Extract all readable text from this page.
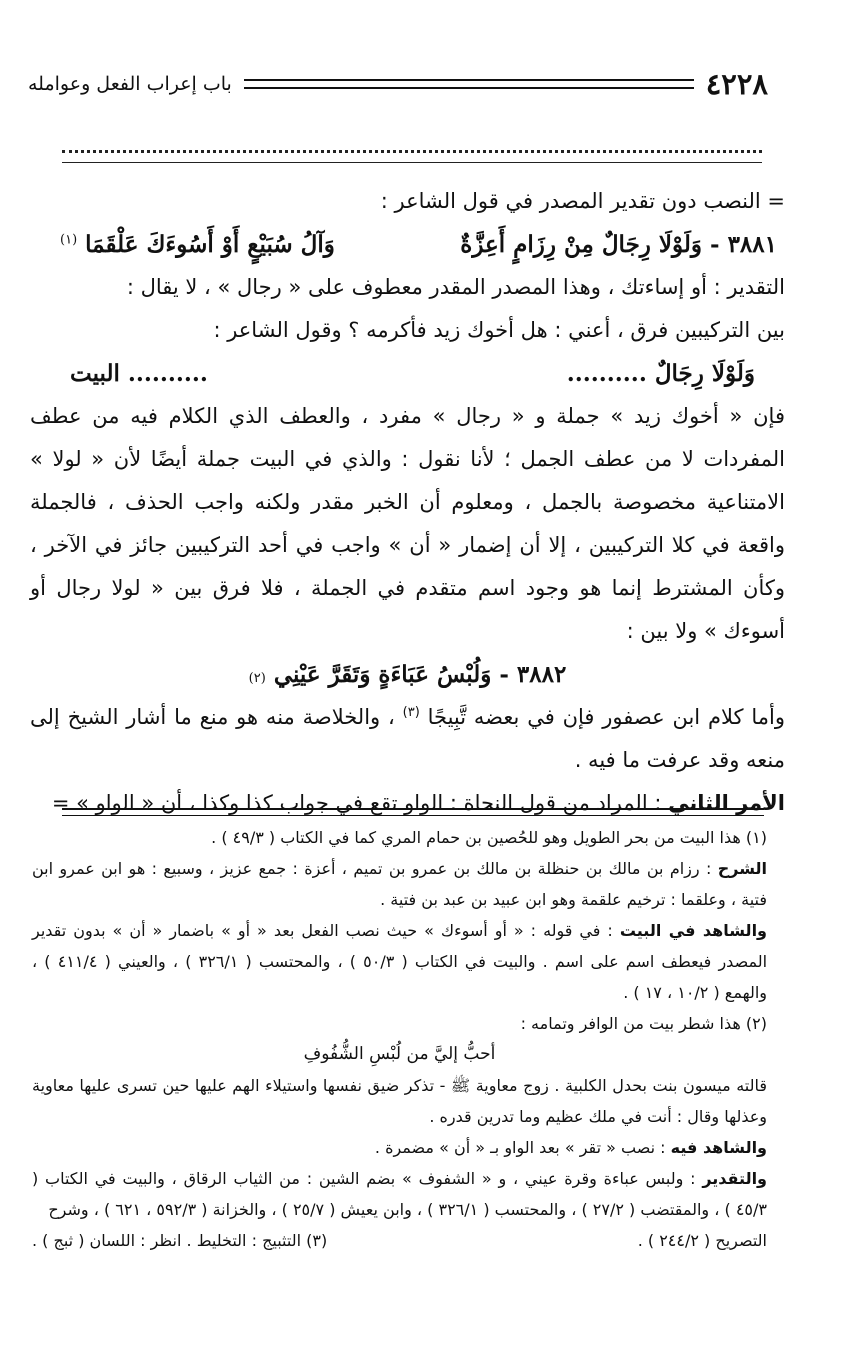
٤٢٢٨
باب إعراب الفعل وعوامله

= النصب دون تقدير المصدر في قول الشاعر :

٣٨٨١ - وَلَوْلَا رِجَالٌ مِنْ رِزَامٍ أَعِزَّةٌ
وَآلُ سُبَيْعٍ أَوْ أَسُوءَكَ عَلْقَمَا $^{(١)}$

التقدير : أو إساءتك ، وهذا المصدر المقدر معطوف على « رجال » ، لا يقال :

بين التركيبين فرق ، أعني : هل أخوك زيد فأكرمه ؟ وقول الشاعر :

وَلَوْلَا رِجَالٌ ..........
.......... البيت

فإن « أخوك زيد » جملة و « رجال » مفرد ، والعطف الذي الكلام فيه من عطف المفردات لا من عطف الجمل ؛ لأنا نقول : والذي في البيت جملة أيضًا لأن « لولا » الامتناعية مخصوصة بالجمل ، ومعلوم أن الخبر مقدر ولكنه واجب الحذف ، فالجملة واقعة في كلا التركيبين ، إلا أن إضمار « أن » واجب في أحد التركيبين جائز في الآخر ، وكأن المشترط إنما هو وجود اسم متقدم في الجملة ، فلا فرق بين « لولا رجال أو أسوءك » ولا بين :

٣٨٨٢ - وَلُبْسُ عَبَاءَةٍ وَتَقَرَّ عَيْنِي

(٢)

وأما كلام ابن عصفور فإن في بعضه تَّبِيجًا $^{(٣)}$ ، والخلاصة منه هو منع ما أشار الشيخ إلى منعه وقد عرفت ما فيه .

الأمر الثاني : المراد من قول النحاة : الواو تقع في جواب كذا وكذا ، أن « الواو » =

(١) هذا البيت من بحر الطويل وهو للحُصين بن حمام المري كما في الكتاب ( ٤٩/٣ ) .

الشرح : رزام بن مالك بن حنظلة بن مالك بن عمرو بن تميم ، أعزة : جمع عزيز ، وسبيع : هو ابن عمرو ابن فتية ، وعلقما : ترخيم علقمة وهو ابن عبيد بن عبد بن فتية .

والشاهد في البيت : في قوله : « أو أسوءك » حيث نصب الفعل بعد « أو » باضمار « أن » بدون تقدير المصدر فيعطف اسم على اسم . والبيت في الكتاب ( ٥٠/٣ ) ، والمحتسب ( ٣٢٦/١ ) ، والعيني ( ٤١١/٤ ) ، والهمع ( ١٠/٢ ، ١٧ ) .

(٢) هذا شطر بيت من الوافر وتمامه :

أحبُّ إليَّ من لُبْسِ الشُّفُوفِ

قالته ميسون بنت بحدل الكلبية . زوج معاوية ﷺ - تذكر ضيق نفسها واستيلاء الهم عليها حين تسرى عليها معاوية وعذلها وقال : أنت في ملك عظيم وما تدرين قدره .

والشاهد فيه : نصب « تقر » بعد الواو بـ « أن » مضمرة .

والتقدير : ولبس عباءة وقرة عيني ، و « الشفوف » بضم الشين : من الثياب الرقاق ، والبيت في الكتاب ( ٤٥/٣ ) ، والمقتضب ( ٢٧/٢ ) ، والمحتسب ( ٣٢٦/١ ) ، وابن يعيش ( ٢٥/٧ ) ، والخزانة ( ٥٩٢/٣ ، ٦٢١ ) ، وشرح

التصريح ( ٢٤٤/٢ ) .
(٣) التثبيج : التخليط . انظر : اللسان ( ثبج ) .
